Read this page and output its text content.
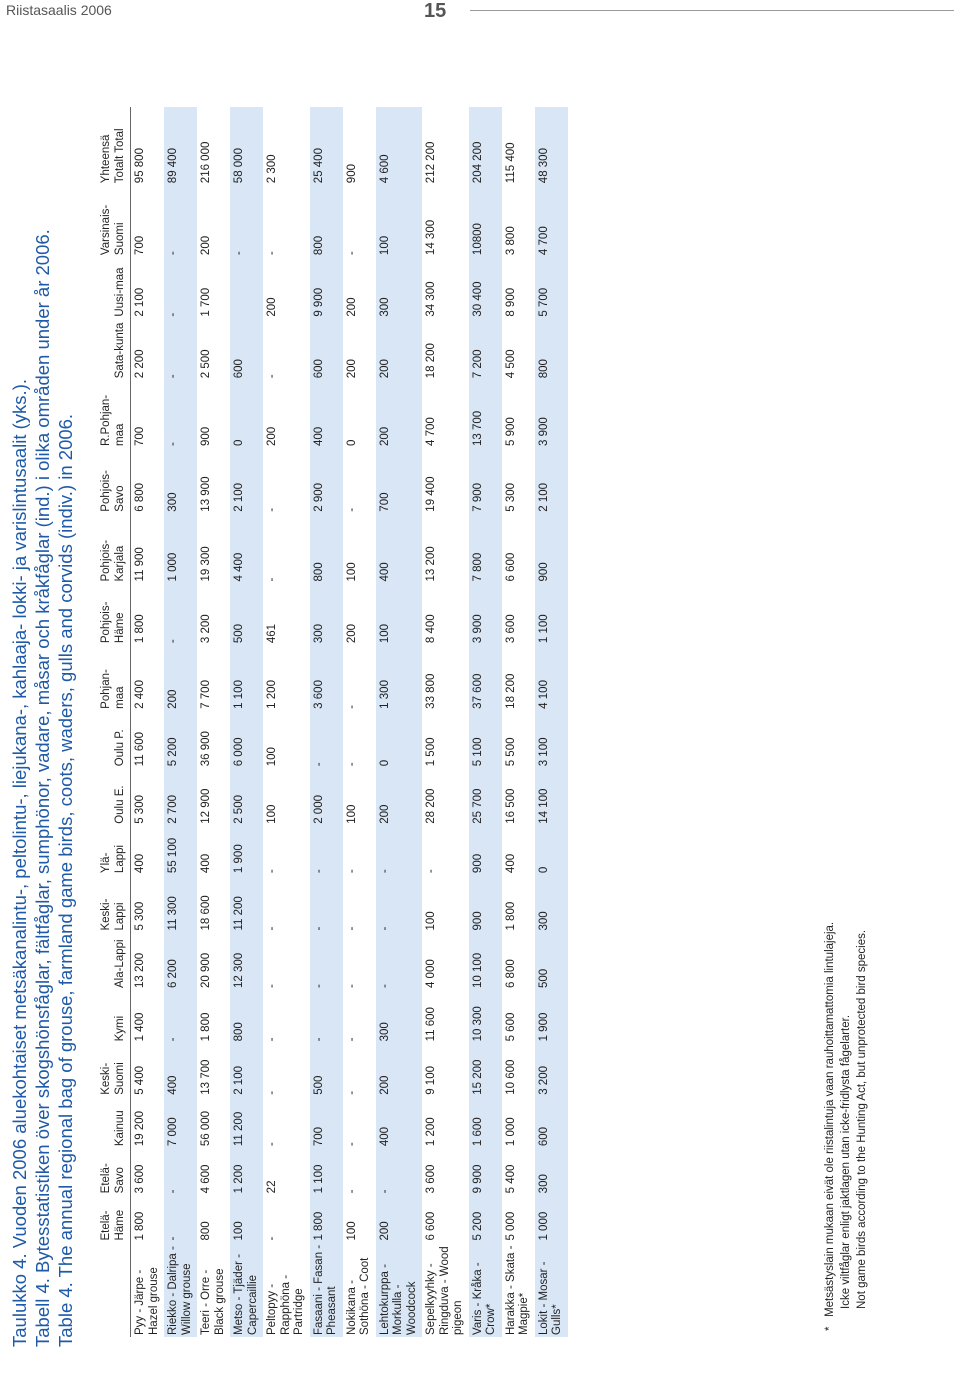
Riistasaalis 2006	15
Taulukko 4. Vuoden 2006 aluekohtaiset metsäkanalintu-, peltolintu-, liejukana-, kahlaaja- lokki- ja varislintusaalit (yks.).
Tabell 4. Bytesstatistiken över skogshönsfåglar, fältfåglar, sumphönor, vadare, måsar och kråkfåglar (ind.) i olika områden under år 2006.
Table 4. The annual regional bag of grouse, farmland game birds, coots, waders, gulls and corvids (indiv.) in 2006.
	Etelä-Häme	Etelä-Savo	Kainuu	Keski-Suomi	Kymi	Ala-Lappi	Keski-Lappi	Ylä-Lappi	Oulu E.	Oulu P.	Pohjan-maa	Pohjois-Häme	Pohjois-Karjala	Pohjois-Savo	R.Pohjan-maa	Sata-kunta	Uusi-maa	Varsinais-Suomi	Yhteensä Totalt Total
Pyy - Järpe - Hazel grouse	1 800	3 600	19 200	5 400	1 400	13 200	5 300	400	5 300	11 600	2 400	1 800	11 900	6 800	700	2 200	2 100	700	95 800
Riekko - Dalripa - Willow grouse	-	-	7 000	400	-	6 200	11 300	55 100	2 700	5 200	200	-	1 000	300	-	-	-	-	89 400
Teeri - Orre - Black grouse	800	4 600	56 000	13 700	1 800	20 900	18 600	400	12 900	36 900	7 700	3 200	19 300	13 900	900	2 500	1 700	200	216 000
Metso - Tjäder - Capercaillie	100	1 200	11 200	2 100	800	12 300	11 200	1 900	2 500	6 000	1 100	500	4 400	2 100	0	600		-	58 000
Peltopyy - Rapphöna - Partridge	-	22	-	-	-	-	-	-	100	100	1 200	461	-	-	200	-	200	-	2 300
Fasaani - Fasan - Pheasant	1 800	1 100	700	500	-	-	-	-	2 000	-	3 600	300	800	2 900	400	600	9 900	800	25 400
Nokikana - Sothöna - Coot	100	-	-	-	-	-	-	-	100	-	-	200	100	-	0	200	200	-	900
Lehtokurppa - Morkulla - Woodcock	200	-	400	200	300	-	-	-	200	0	1 300	100	400	700	200	200	300	100	4 600
Sepelkyyhky - Ringduva - Wood pigeon	6 600	3 600	1 200	9 100	11 600	4 000	100	-	28 200	1 500	33 800	8 400	13 200	19 400	4 700	18 200	34 300	14 300	212 200
Varis - Kråka - Crow*	5 200	9 900	1 600	15 200	10 300	10 100	900	900	25 700	5 100	37 600	3 900	7 800	7 900	13 700	7 200	30 400	10800	204 200
Harakka - Skata - Magpie*	5 000	5 400	1 000	10 600	5 600	6 800	1 800	400	16 500	5 500	18 200	3 600	6 600	5 300	5 900	4 500	8 900	3 800	115 400
Lokit - Mosar - Gulls*	1 000	300	600	3 200	1 900	500	300	0	14 100	3 100	4 100	1 100	900	2 100	3 900	800	5 700	4 700	48 300
*   Metsästyslain mukaan eivät ole riistalintuja vaan rauhoittamattomia lintulajeja. Icke viltfåglar enligt jaktlagen utan icke-fridlysta fågelarter. Not game birds according to the Hunting Act, but unprotected bird species.
